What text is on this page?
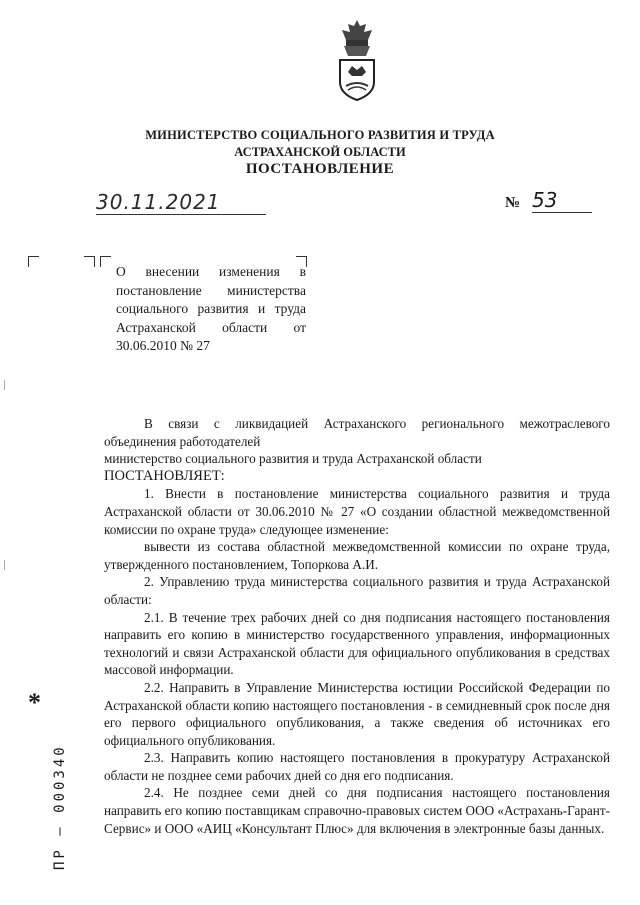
МИНИСТЕРСТВО СОЦИАЛЬНОГО РАЗВИТИЯ И ТРУДА
АСТРАХАНСКОЙ ОБЛАСТИ
ПОСТАНОВЛЕНИЕ
30.11.2021	№ 53
О внесении изменения в постановление министерства социального развития и труда Астраханской области от 30.06.2010 № 27

В связи с ликвидацией Астраханского регионального межотраслевого объединения работодателей

министерство социального развития и труда Астраханской области

ПОСТАНОВЛЯЕТ:

1. Внести в постановление министерства социального развития и труда Астраханской области от 30.06.2010 № 27 «О создании областной межведомственной комиссии по охране труда» следующее изменение:

вывести из состава областной межведомственной комиссии по охране труда, утвержденного постановлением, Топоркова А.И.

2. Управлению труда министерства социального развития и труда Астраханской области:

2.1. В течение трех рабочих дней со дня подписания настоящего постановления направить его копию в министерство государственного управления, информационных технологий и связи Астраханской области для официального опубликования в средствах массовой информации.

2.2. Направить в Управление Министерства юстиции Российской Федерации по Астраханской области копию настоящего постановления - в семидневный срок после дня его первого официального опубликования, а также сведения об источниках его официального опубликования.

2.3. Направить копию настоящего постановления в прокуратуру Астраханской области не позднее семи рабочих дней со дня его подписания.

2.4. Не позднее семи дней со дня подписания настоящего постановления направить его копию поставщикам справочно-правовых систем ООО «Астрахань-Гарант-Сервис» и ООО «АИЦ «Консультант Плюс» для включения в электронные базы данных.

*
ПР – 000340
